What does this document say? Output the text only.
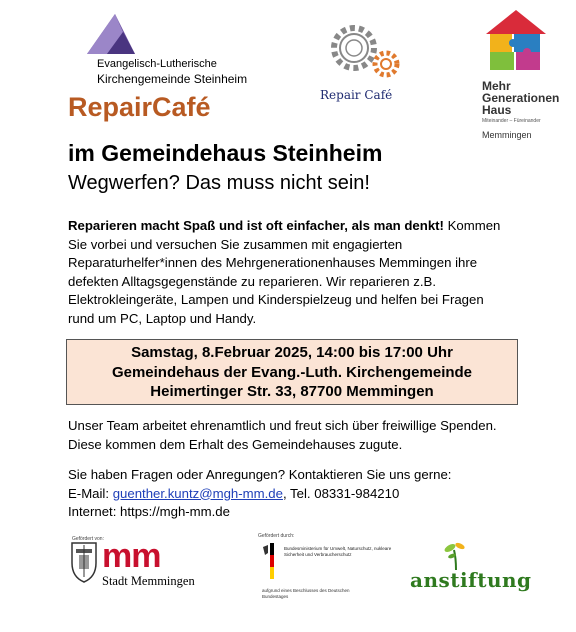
Evangelisch-Lutherische
Kirchengemeinde Steinheim
Repair Café
Mehr
Generationen
Haus
Miteinander – Füreinander
Memmingen
RepairCafé
im Gemeindehaus Steinheim
Wegwerfen? Das muss nicht sein!
Reparieren macht Spaß und ist oft einfacher, als man denkt! Kommen Sie vorbei und versuchen Sie zusammen mit engagierten Reparaturhelfer*innen des Mehrgenerationenhauses Memmingen ihre defekten Alltagsgegenstände zu reparieren. Wir reparieren z.B. Elektrokleingeräte, Lampen und Kinderspielzeug und helfen bei Fragen rund um PC, Laptop und Handy.
Samstag, 8.Februar 2025, 14:00 bis 17:00 Uhr
Gemeindehaus der Evang.-Luth. Kirchengemeinde
Heimertinger Str. 33, 87700 Memmingen
Unser Team arbeitet ehrenamtlich und freut sich über freiwillige Spenden. Diese kommen dem Erhalt des Gemeindehauses zugute.
Sie haben Fragen oder Anregungen? Kontaktieren Sie uns gerne:
E-Mail: guenther.kuntz@mgh-mm.de, Tel. 08331-984210
Internet: https://mgh-mm.de
Gefördert von:
mm
Stadt Memmingen
Gefördert durch:
Bundesministerium für Umwelt, Naturschutz, nukleare Sicherheit und Verbraucherschutz
aufgrund eines Beschlusses des Deutschen Bundestages
anstiftung
